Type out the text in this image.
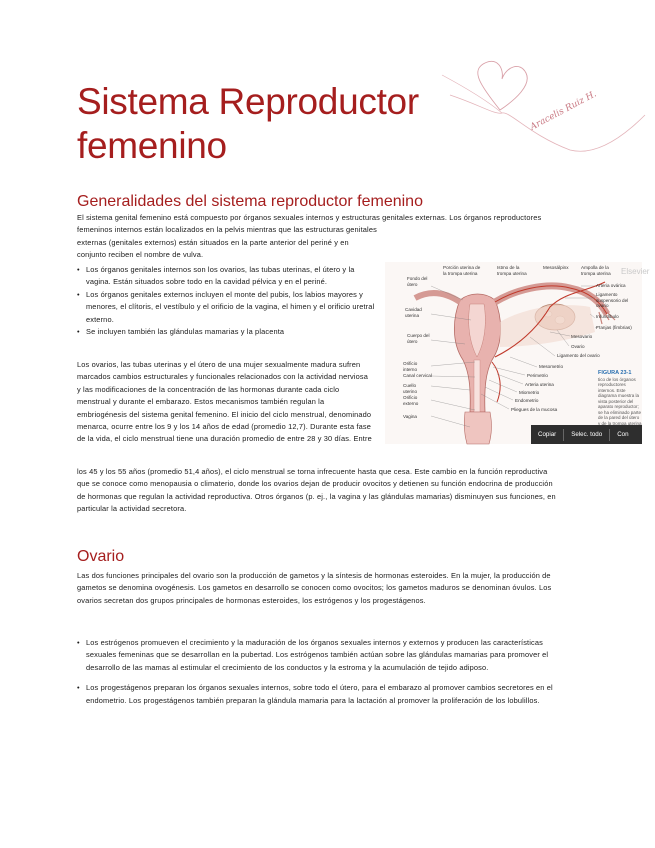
Sistema Reproductor femenino
Aracelis Ruiz H.
Generalidades del sistema reproductor femenino

El sistema genital femenino está compuesto por órganos sexuales internos y estructuras genitales externas. Los órganos reproductores femeninos internos están localizados en la pelvis mientras que las estructuras genitales

externas (genitales externos) están situados en la parte anterior del periné y en conjunto reciben el nombre de vulva.

• Los órganos genitales internos son los ovarios, las tubas uterinas, el útero y la vagina. Están situados sobre todo en la cavidad pélvica y en el periné.
• Los órganos genitales externos incluyen el monte del pubis, los labios mayores y menores, el clítoris, el vestíbulo y el orificio de la vagina, el himen y el orificio uretral externo.
• Se incluyen también las glándulas mamarias y la placenta

Los ovarios, las tubas uterinas y el útero de una mujer sexualmente madura sufren marcados cambios estructurales y funcionales relacionados con la actividad nerviosa y las modificaciones de la concentración de las hormonas durante cada ciclo menstrual y durante el embarazo. Estos mecanismos también regulan la embriogénesis del sistema genital femenino. El inicio del ciclo menstrual, denominado menarca, ocurre entre los 9 y los 14 años de edad (promedio 12,7). Durante esta fase de la vida, el ciclo menstrual tiene una duración promedio de entre 28 y 30 días. Entre

los 45 y los 55 años (promedio 51,4 años), el ciclo menstrual se torna infrecuente hasta que cesa. Este cambio en la función reproductiva que se conoce como menopausia o climaterio, donde los ovarios dejan de producir ovocitos y detienen su función endocrina de producción de hormonas que regulan la actividad reproductiva. Otros órganos (p. ej., la vagina y las glándulas mamarias) disminuyen sus funciones, en particular la actividad secretora.

Elsevier
Fondo del útero
Cavidad uterina
Cuerpo del útero
Orificio interno
Canal cervical
Cuello uterino
Orificio externo
Vagina
Porción uterina de la trompa uterina
Istmo de la trompa uterina
Mesosálpinx	Ampolla de la trompa uterina
Arteria ovárica
Ligamento suspensorio del ovario
Infundíbulo
Franjas (fimbrias)
Mesovario
Ovario
Ligamento del ovario
Mesometrio
Perimetrio
Arteria uterina
Miometrio
Endometrio
Pliegues de la mucosa
FIGURA 23-1
tico de los órganos reproductores internos. Este diagrama muestra la vista posterior del aparato reproductor; se ha eliminado parte de la pared del útero y de la trompa uterina
Copiar	Selec. todo	Con
Ovario

Las dos funciones principales del ovario son la producción de gametos y la síntesis de hormonas esteroides. En la mujer, la producción de gametos se denomina ovogénesis. Los gametos en desarrollo se conocen como ovocitos; los gametos maduros se denominan óvulos. Los ovarios secretan dos grupos principales de hormonas esteroides, los estrógenos y los progestágenos.

• Los estrógenos promueven el crecimiento y la maduración de los órganos sexuales internos y externos y producen las características sexuales femeninas que se desarrollan en la pubertad. Los estrógenos también actúan sobre las glándulas mamarias para promover el desarrollo de las mamas al estimular el crecimiento de los conductos y la estroma y la acumulación de tejido adiposo.
• Los progestágenos preparan los órganos sexuales internos, sobre todo el útero, para el embarazo al promover cambios secretores en el endometrio. Los progestágenos también preparan la glándula mamaria para la lactación al promover la proliferación de los lobulillos.
